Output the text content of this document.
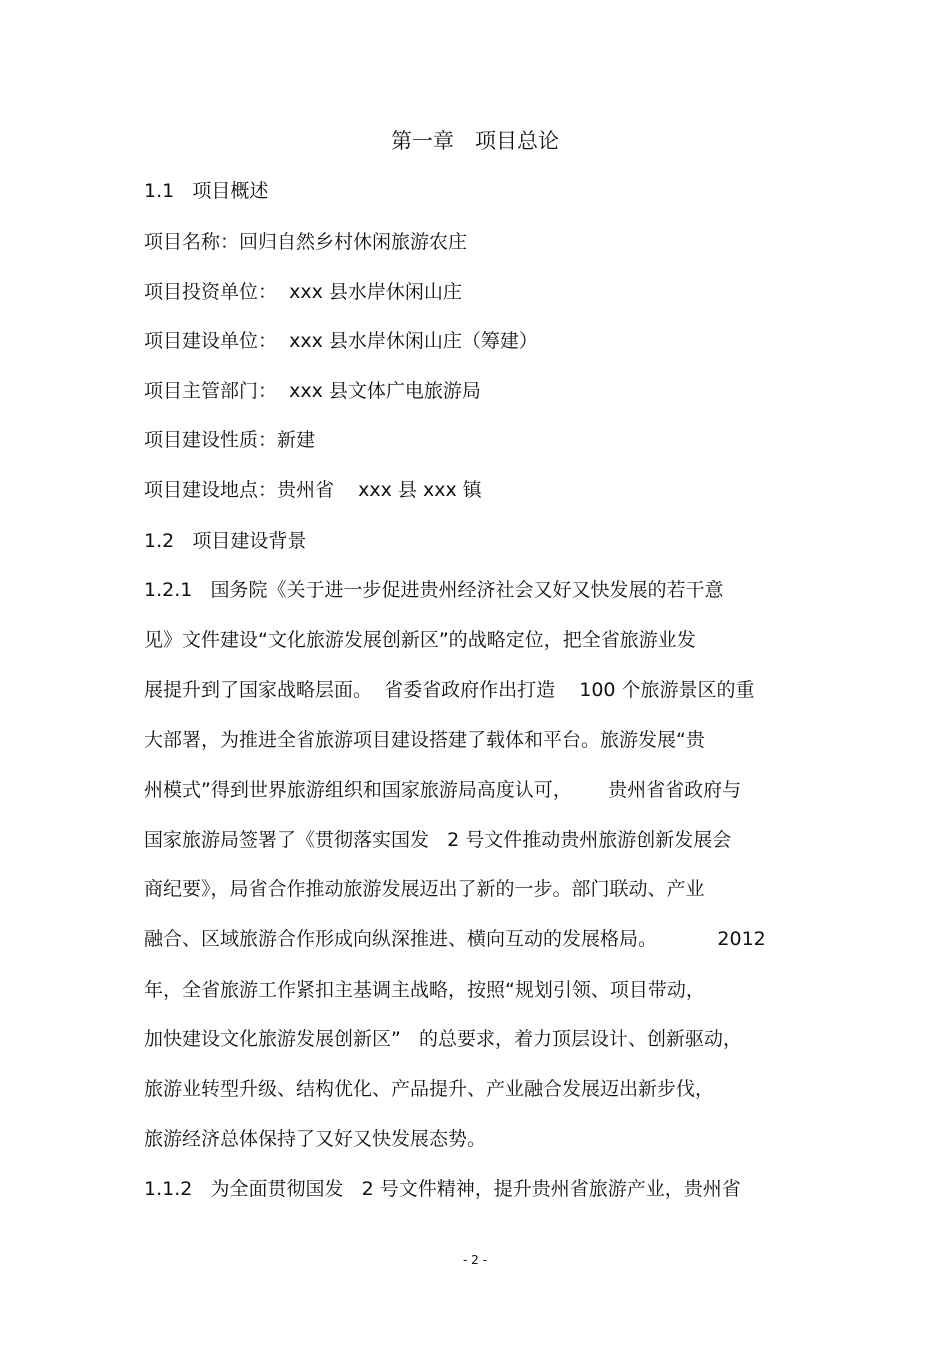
第一章　项目总论
1.1   项目概述
项目名称：回归自然乡村休闲旅游农庄
项目投资单位：  xxx 县水岸休闲山庄
项目建设单位：  xxx 县水岸休闲山庄（筹建）
项目主管部门：  xxx 县文体广电旅游局
项目建设性质：新建
项目建设地点：贵州省    xxx 县 xxx 镇
1.2   项目建设背景
1.2.1   国务院《关于进一步促进贵州经济社会又好又快发展的若干意
见》文件建设“文化旅游发展创新区”的战略定位，把全省旅游业发
展提升到了国家战略层面。  省委省政府作出打造    100 个旅游景区的重
大部署，为推进全省旅游项目建设搭建了载体和平台。旅游发展“贵
州模式”得到世界旅游组织和国家旅游局高度认可，      贵州省省政府与
国家旅游局签署了《贯彻落实国发   2 号文件推动贵州旅游创新发展会
商纪要》，局省合作推动旅游发展迈出了新的一步。部门联动、产业
融合、区域旅游合作形成向纵深推进、横向互动的发展格局。          2012
年，全省旅游工作紧扣主基调主战略，按照“规划引领、项目带动，
加快建设文化旅游发展创新区”   的总要求，着力顶层设计、创新驱动，
旅游业转型升级、结构优化、产品提升、产业融合发展迈出新步伐，
旅游经济总体保持了又好又快发展态势。
1.1.2   为全面贯彻国发   2 号文件精神，提升贵州省旅游产业，贵州省
- 2 -
